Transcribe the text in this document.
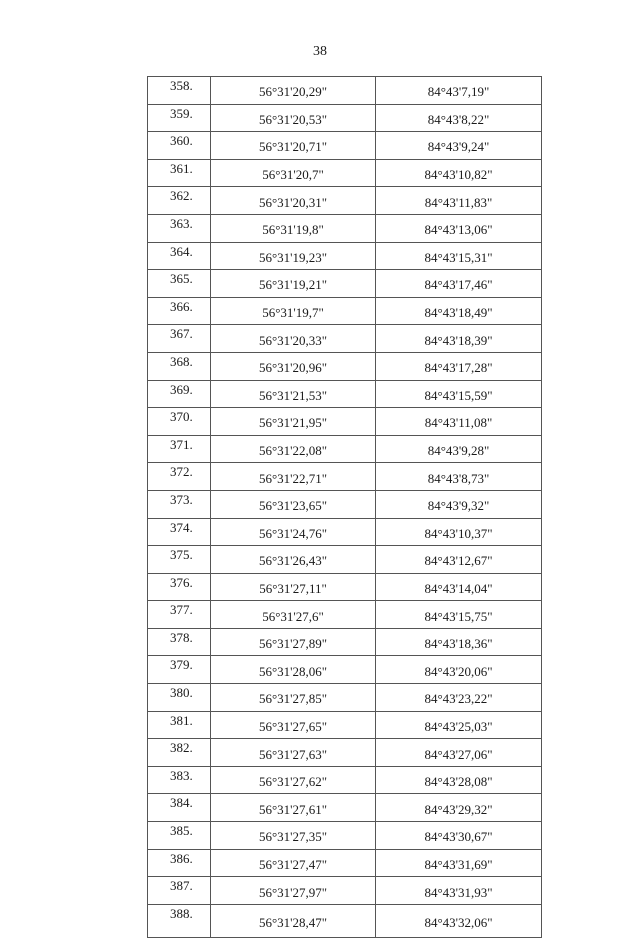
38
358.	56°31'20,29"	84°43'7,19"
359.	56°31'20,53"	84°43'8,22"
360.	56°31'20,71"	84°43'9,24"
361.	56°31'20,7"	84°43'10,82"
362.	56°31'20,31"	84°43'11,83"
363.	56°31'19,8"	84°43'13,06"
364.	56°31'19,23"	84°43'15,31"
365.	56°31'19,21"	84°43'17,46"
366.	56°31'19,7"	84°43'18,49"
367.	56°31'20,33"	84°43'18,39"
368.	56°31'20,96"	84°43'17,28"
369.	56°31'21,53"	84°43'15,59"
370.	56°31'21,95"	84°43'11,08"
371.	56°31'22,08"	84°43'9,28"
372.	56°31'22,71"	84°43'8,73"
373.	56°31'23,65"	84°43'9,32"
374.	56°31'24,76"	84°43'10,37"
375.	56°31'26,43"	84°43'12,67"
376.	56°31'27,11"	84°43'14,04"
377.	56°31'27,6"	84°43'15,75"
378.	56°31'27,89"	84°43'18,36"
379.	56°31'28,06"	84°43'20,06"
380.	56°31'27,85"	84°43'23,22"
381.	56°31'27,65"	84°43'25,03"
382.	56°31'27,63"	84°43'27,06"
383.	56°31'27,62"	84°43'28,08"
384.	56°31'27,61"	84°43'29,32"
385.	56°31'27,35"	84°43'30,67"
386.	56°31'27,47"	84°43'31,69"
387.	56°31'27,97"	84°43'31,93"
388.	56°31'28,47"	84°43'32,06"
